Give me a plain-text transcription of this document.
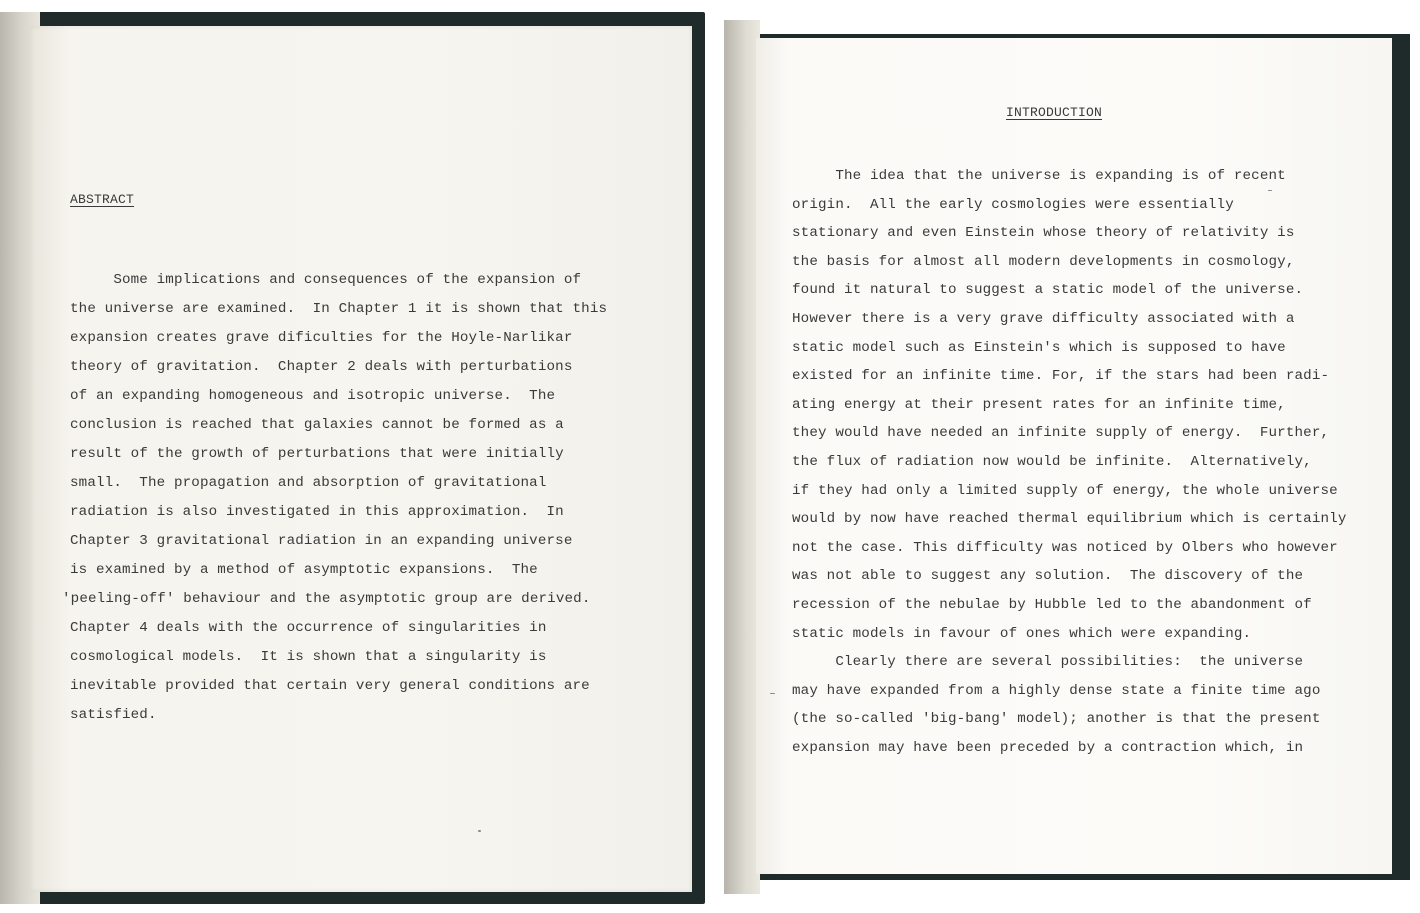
ABSTRACT

Some implications and consequences of the expansion of

the universe are examined.  In Chapter 1 it is shown that this

expansion creates grave dificulties for the Hoyle-Narlikar

theory of gravitation.  Chapter 2 deals with perturbations

of an expanding homogeneous and isotropic universe.  The

conclusion is reached that galaxies cannot be formed as a

result of the growth of perturbations that were initially

small.  The propagation and absorption of gravitational

radiation is also investigated in this approximation.  In

Chapter 3 gravitational radiation in an expanding universe

is examined by a method of asymptotic expansions.  The

'peeling-off' behaviour and the asymptotic group are derived.

Chapter 4 deals with the occurrence of singularities in

cosmological models.  It is shown that a singularity is

inevitable provided that certain very general conditions are

satisfied.

INTRODUCTION

The idea that the universe is expanding is of recent

origin.  All the early cosmologies were essentially

stationary and even Einstein whose theory of relativity is

the basis for almost all modern developments in cosmology,

found it natural to suggest a static model of the universe.

However there is a very grave difficulty associated with a

static model such as Einstein's which is supposed to have

existed for an infinite time. For, if the stars had been radi-

ating energy at their present rates for an infinite time,

they would have needed an infinite supply of energy.  Further,

the flux of radiation now would be infinite.  Alternatively,

if they had only a limited supply of energy, the whole universe

would by now have reached thermal equilibrium which is certainly

not the case. This difficulty was noticed by Olbers who however

was not able to suggest any solution.  The discovery of the

recession of the nebulae by Hubble led to the abandonment of

static models in favour of ones which were expanding.

Clearly there are several possibilities:  the universe

may have expanded from a highly dense state a finite time ago

(the so-called 'big-bang' model); another is that the present

expansion may have been preceded by a contraction which, in
